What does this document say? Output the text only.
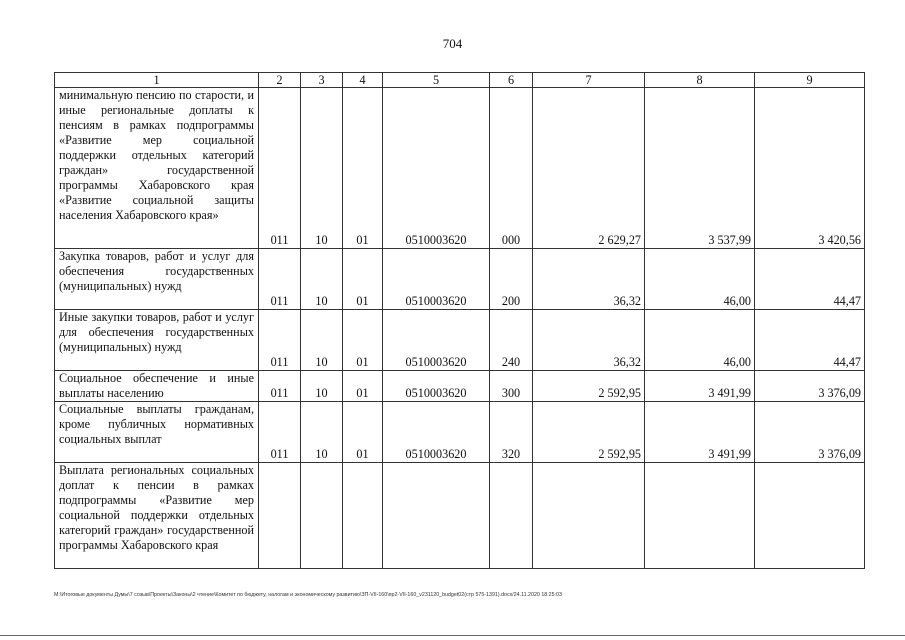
704
1	2	3	4	5	6	7	8	9
минимальную пенсию по старости, и иные региональные доплаты к пенсиям в рамках подпрограммы «Развитие мер социальной поддержки отдельных категорий граждан» государственной программы Хабаровского края «Развитие социальной защиты населения Хабаровского края»	011	10	01	0510003620	000	2 629,27	3 537,99	3 420,56
Закупка товаров, работ и услуг для обеспечения государственных (муниципальных) нужд	011	10	01	0510003620	200	36,32	46,00	44,47
Иные закупки товаров, работ и услуг для обеспечения государственных (муниципальных) нужд	011	10	01	0510003620	240	36,32	46,00	44,47
Социальное обеспечение и иные выплаты населению	011	10	01	0510003620	300	2 592,95	3 491,99	3 376,09
Социальные выплаты гражданам, кроме публичных нормативных социальных выплат	011	10	01	0510003620	320	2 592,95	3 491,99	3 376,09
Выплата региональных социальных доплат к пенсии в рамках подпрограммы «Развитие мер социальной поддержки отдельных категорий граждан» государственной программы Хабаровского края								
M:\Итоговые документы Думы\7 созыв\Проекты\Законы\2 чтение\Комитет по бюджету, налогам и экономическому развитию\ЗП-VII-160\пр2-VII-160_v231120_budget02(стр 575-1391).docx/24.11.2020 18:25:03
